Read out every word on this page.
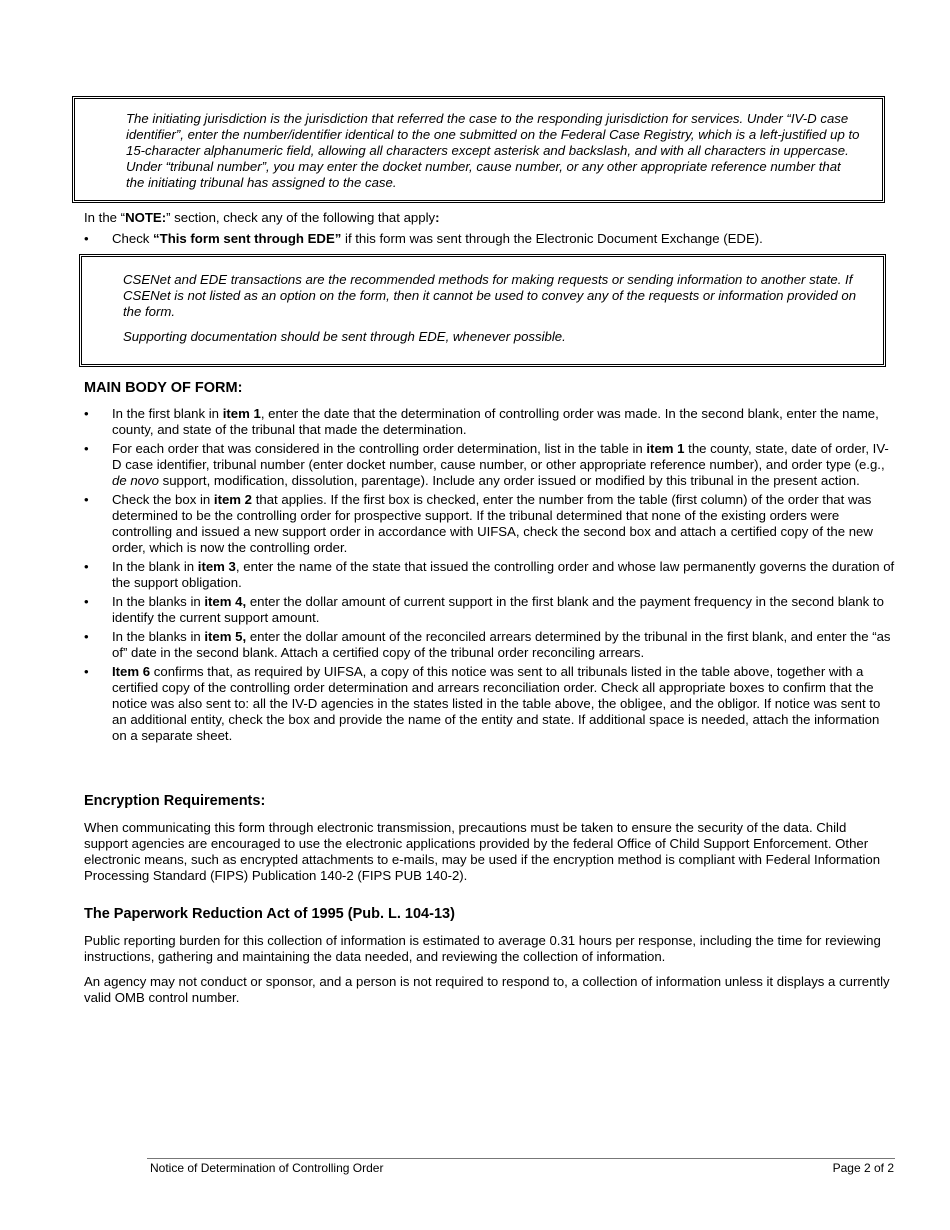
The initiating jurisdiction is the jurisdiction that referred the case to the responding jurisdiction for services. Under “IV-D case identifier”, enter the number/identifier identical to the one submitted on the Federal Case Registry, which is a left-justified up to 15-character alphanumeric field, allowing all characters except asterisk and backslash, and with all characters in uppercase. Under “tribunal number”, you may enter the docket number, cause number, or any other appropriate reference number that the initiating tribunal has assigned to the case.

In the “NOTE:” section, check any of the following that apply:
•	Check “This form sent through EDE” if this form was sent through the Electronic Document Exchange (EDE).

CSENet and EDE transactions are the recommended methods for making requests or sending information to another state. If CSENet is not listed as an option on the form, then it cannot be used to convey any of the requests or information provided on the form.

Supporting documentation should be sent through EDE, whenever possible.

MAIN BODY OF FORM:
•	In the first blank in item 1, enter the date that the determination of controlling order was made. In the second blank, enter the name, county, and state of the tribunal that made the determination.
•	For each order that was considered in the controlling order determination, list in the table in item 1 the county, state, date of order, IV-D case identifier, tribunal number (enter docket number, cause number, or other appropriate reference number), and order type (e.g., de novo support, modification, dissolution, parentage). Include any order issued or modified by this tribunal in the present action.
•	Check the box in item 2 that applies. If the first box is checked, enter the number from the table (first column) of the order that was determined to be the controlling order for prospective support. If the tribunal determined that none of the existing orders were controlling and issued a new support order in accordance with UIFSA, check the second box and attach a certified copy of the new order, which is now the controlling order.
•	In the blank in item 3, enter the name of the state that issued the controlling order and whose law permanently governs the duration of the support obligation.
•	In the blanks in item 4, enter the dollar amount of current support in the first blank and the payment frequency in the second blank to identify the current support amount.
•	In the blanks in item 5, enter the dollar amount of the reconciled arrears determined by the tribunal in the first blank, and enter the “as of” date in the second blank. Attach a certified copy of the tribunal order reconciling arrears.
•	Item 6 confirms that, as required by UIFSA, a copy of this notice was sent to all tribunals listed in the table above, together with a certified copy of the controlling order determination and arrears reconciliation order. Check all appropriate boxes to confirm that the notice was also sent to: all the IV-D agencies in the states listed in the table above, the obligee, and the obligor. If notice was sent to an additional entity, check the box and provide the name of the entity and state. If additional space is needed, attach the information on a separate sheet.
Encryption Requirements:

When communicating this form through electronic transmission, precautions must be taken to ensure the security of the data. Child support agencies are encouraged to use the electronic applications provided by the federal Office of Child Support Enforcement. Other electronic means, such as encrypted attachments to e-mails, may be used if the encryption method is compliant with Federal Information Processing Standard (FIPS) Publication 140-2 (FIPS PUB 140-2).

The Paperwork Reduction Act of 1995 (Pub. L. 104-13)

Public reporting burden for this collection of information is estimated to average 0.31 hours per response, including the time for reviewing instructions, gathering and maintaining the data needed, and reviewing the collection of information.

An agency may not conduct or sponsor, and a person is not required to respond to, a collection of information unless it displays a currently valid OMB control number.

Notice of Determination of Controlling Order	Page 2 of 2
